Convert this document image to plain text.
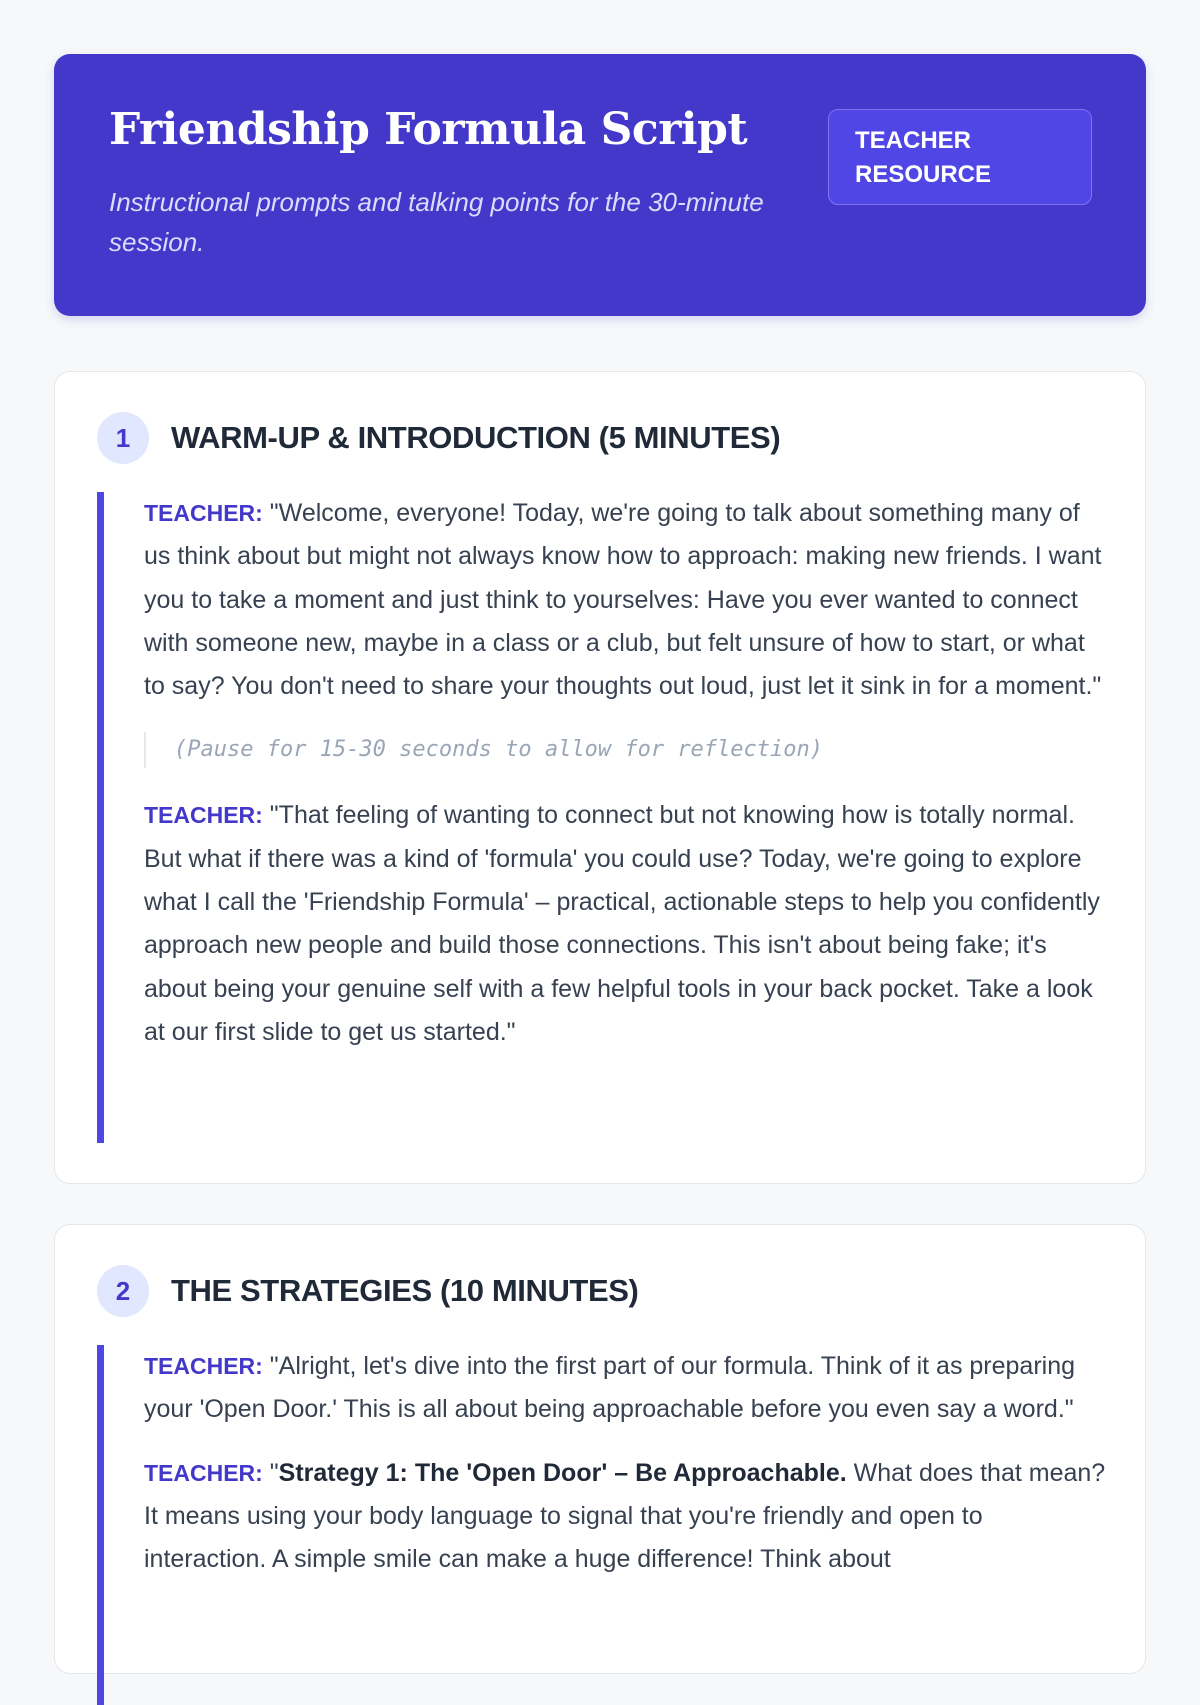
Friendship Formula Script

Instructional prompts and talking points for the 30-minute session.

TEACHER RESOURCE
1	WARM-UP & INTRODUCTION (5 MINUTES)

TEACHER: "Welcome, everyone! Today, we're going to talk about something many of us think about but might not always know how to approach: making new friends. I want you to take a moment and just think to yourselves: Have you ever wanted to connect with someone new, maybe in a class or a club, but felt unsure of how to start, or what to say? You don't need to share your thoughts out loud, just let it sink in for a moment."

(Pause for 15-30 seconds to allow for reflection)

TEACHER: "That feeling of wanting to connect but not knowing how is totally normal. But what if there was a kind of 'formula' you could use? Today, we're going to explore what I call the 'Friendship Formula' – practical, actionable steps to help you confidently approach new people and build those connections. This isn't about being fake; it's about being your genuine self with a few helpful tools in your back pocket. Take a look at our first slide to get us started."

2	THE STRATEGIES (10 MINUTES)

TEACHER: "Alright, let's dive into the first part of our formula. Think of it as preparing your 'Open Door.' This is all about being approachable before you even say a word."

TEACHER: "Strategy 1: The 'Open Door' – Be Approachable. What does that mean? It means using your body language to signal that you're friendly and open to interaction. A simple smile can make a huge difference! Think about
